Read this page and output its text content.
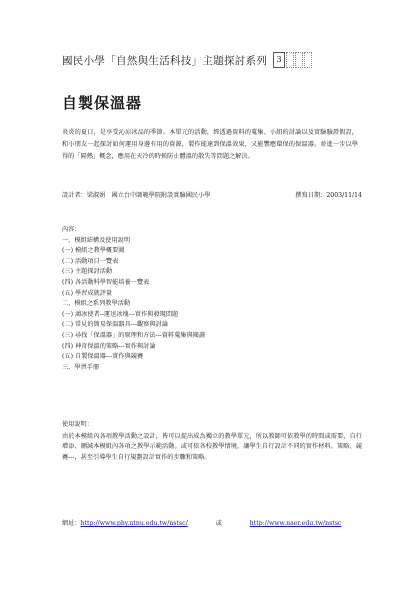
國民小學「自然與生活科技」主題探討系列	3
自製保溫器
炎炎的夏日，是享受沁涼冰品的季節。本單元的活動，經透過資料的蒐集、小組的討論以及實驗驗證假設，和小朋友一起探討如何運用身邊有用的資源，製作能達到保溫效果，又能響應環保的保溫器。並進一步以學得的「隔熱」概念，應用在天冷的時候防止體溫的散失等問題之解決。
設計者：梁淑娟　國立台中師範學院附設實驗國民小學	撰寫日期：2003/11/14
內容：
一、模組結構及使用說明
(一) 模組之教學概要圖
(二) 活動項目一覽表
(三) 主題探討活動
(四) 各活動科學智能培養一覽表
(五) 學習成就評量
二、模組之系列教學活動
(一) 鴻冰使者--運送冰塊---實作與發現問題
(二) 常見的簡易保溫器具---觀察與討論
(三) 尋找「保溫器」的原理和方法---資料蒐集與閱讀
(四) 神奇保溫的策略---實作與討論
(五) 自製保溫器---實作與競賽
三、學習手冊
使用說明：
由於本模組內各項教學活動之設計，皆可以提出成為獨立的教學單元，所以教師可依教學的時間或需要，自行增添、刪減本模組內各項之教學示範活動。或可依各校教學情境，讓學生自行設計不同的實作材料、策略、競賽---，甚至引導學生自行規劃設計實作的步驟和策略。
網址：http://www.phy.ntnu.edu.tw/nstsc/	或	http://www.naer.edu.tw/nstsc
